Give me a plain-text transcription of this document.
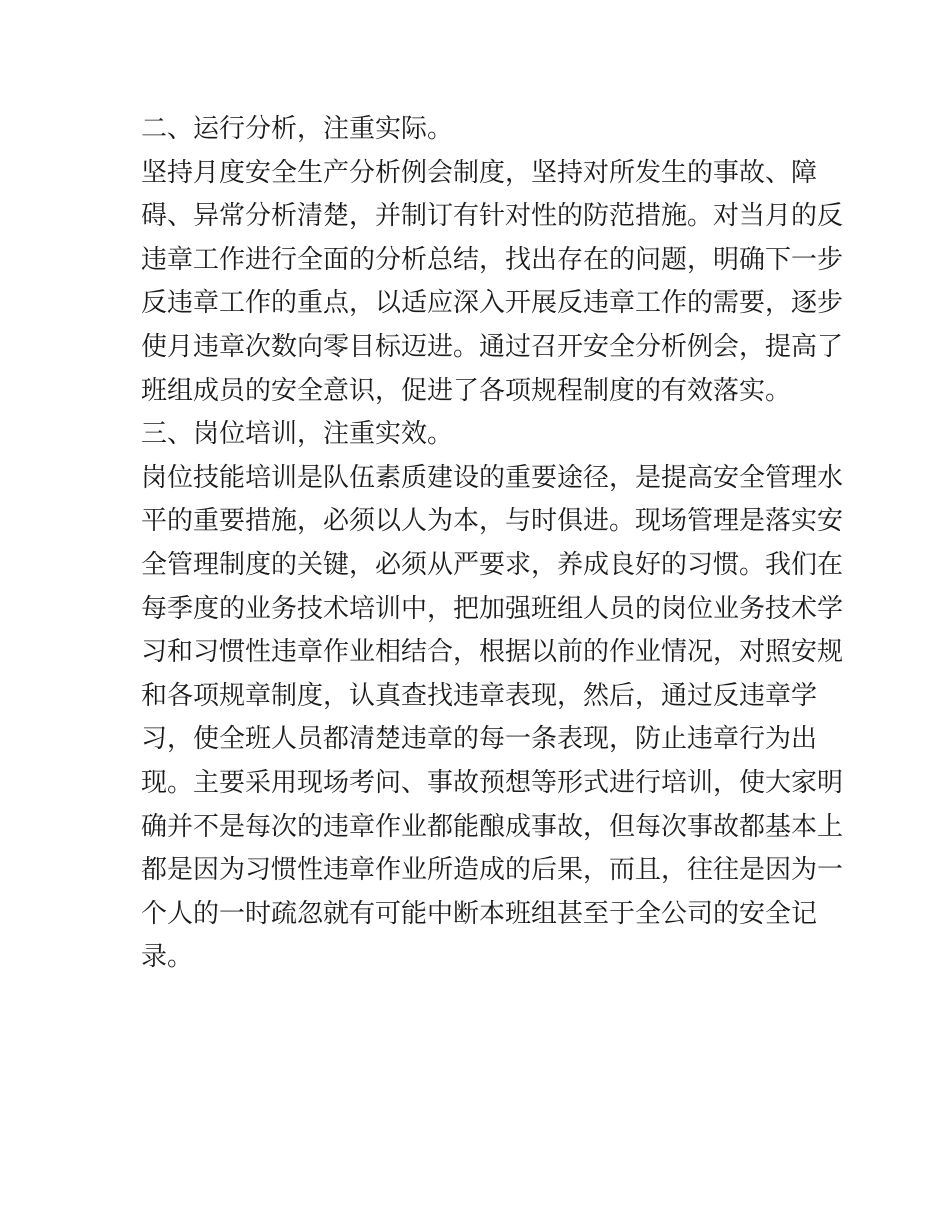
二、运行分析，注重实际。
坚持月度安全生产分析例会制度，坚持对所发生的事故、障
碍、异常分析清楚，并制订有针对性的防范措施。对当月的反
违章工作进行全面的分析总结，找出存在的问题，明确下一步
反违章工作的重点，以适应深入开展反违章工作的需要，逐步
使月违章次数向零目标迈进。通过召开安全分析例会，提高了
班组成员的安全意识，促进了各项规程制度的有效落实。
三、岗位培训，注重实效。
岗位技能培训是队伍素质建设的重要途径，是提高安全管理水
平的重要措施，必须以人为本，与时俱进。现场管理是落实安
全管理制度的关键，必须从严要求，养成良好的习惯。我们在
每季度的业务技术培训中，把加强班组人员的岗位业务技术学
习和习惯性违章作业相结合，根据以前的作业情况，对照安规
和各项规章制度，认真查找违章表现，然后，通过反违章学
习，使全班人员都清楚违章的每一条表现，防止违章行为出
现。主要采用现场考问、事故预想等形式进行培训，使大家明
确并不是每次的违章作业都能酿成事故，但每次事故都基本上
都是因为习惯性违章作业所造成的后果，而且，往往是因为一
个人的一时疏忽就有可能中断本班组甚至于全公司的安全记
录。
